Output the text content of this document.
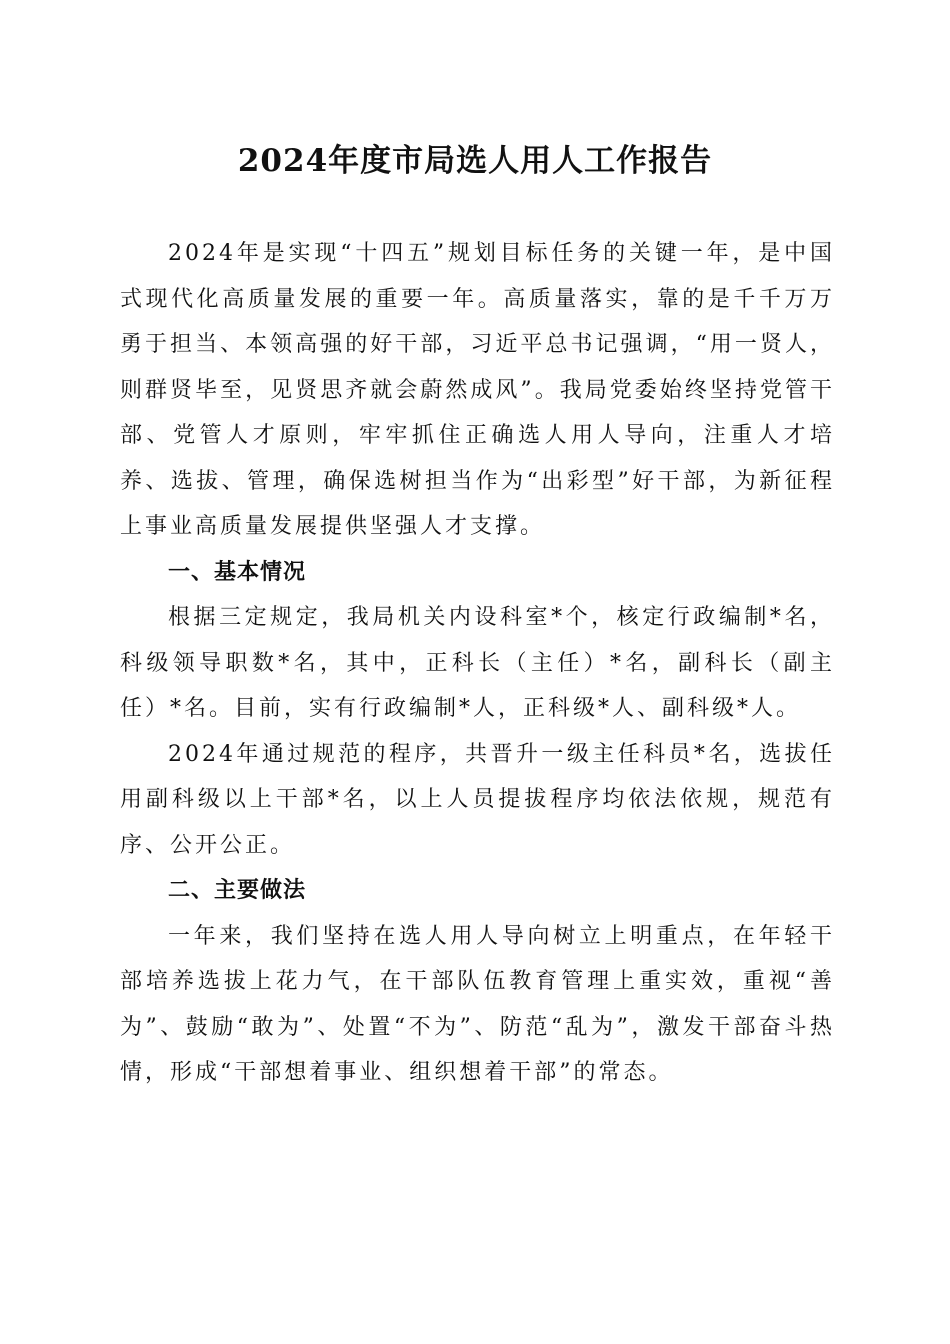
2024年度市局选人用人工作报告

2024年是实现“十四五”规划目标任务的关键一年，是中国式现代化高质量发展的重要一年。高质量落实，靠的是千千万万勇于担当、本领高强的好干部，习近平总书记强调，“用一贤人，则群贤毕至，见贤思齐就会蔚然成风”。我局党委始终坚持党管干部、党管人才原则，牢牢抓住正确选人用人导向，注重人才培养、选拔、管理，确保选树担当作为“出彩型”好干部，为新征程上事业高质量发展提供坚强人才支撑。

一、基本情况

根据三定规定，我局机关内设科室*个，核定行政编制*名，科级领导职数*名，其中，正科长（主任）*名，副科长（副主任）*名。目前，实有行政编制*人，正科级*人、副科级*人。

2024年通过规范的程序，共晋升一级主任科员*名，选拔任用副科级以上干部*名，以上人员提拔程序均依法依规，规范有序、公开公正。

二、主要做法

一年来，我们坚持在选人用人导向树立上明重点，在年轻干部培养选拔上花力气，在干部队伍教育管理上重实效，重视“善为”、鼓励“敢为”、处置“不为”、防范“乱为”，激发干部奋斗热情，形成“干部想着事业、组织想着干部”的常态。
